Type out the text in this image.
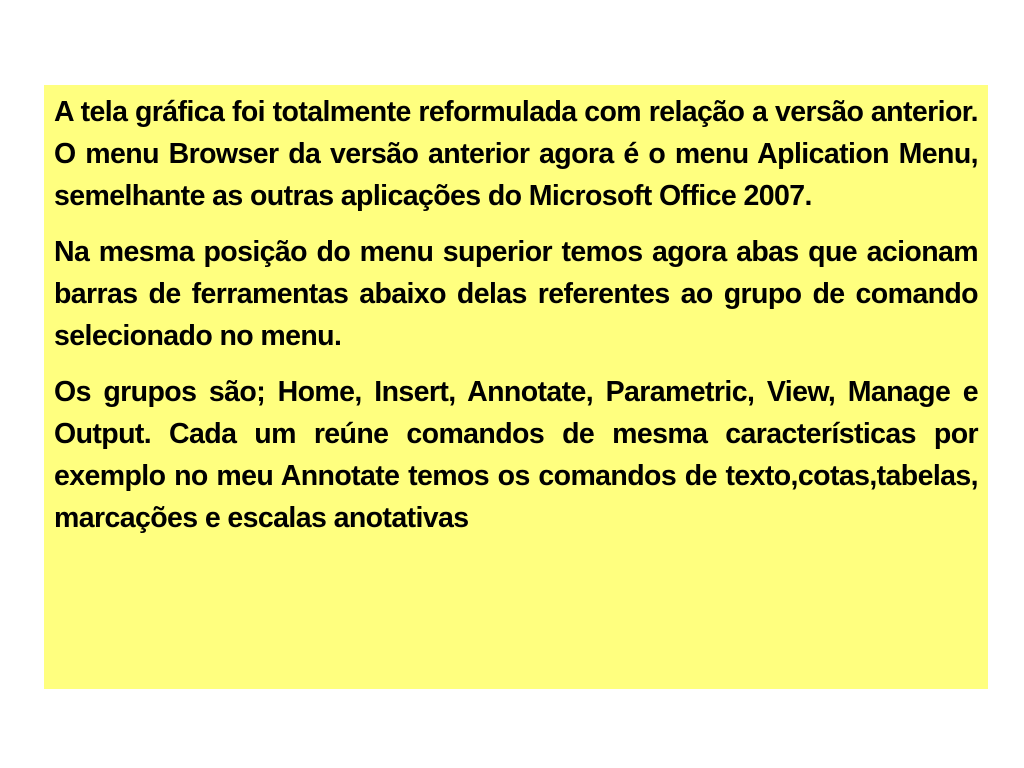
A tela gráfica foi totalmente reformulada com relação a versão anterior. O menu Browser da versão anterior agora é o menu Aplication Menu, semelhante as outras aplicações do Microsoft Office 2007.

Na mesma posição do menu superior temos agora abas que acionam barras de ferramentas abaixo delas referentes ao grupo de comando selecionado no menu.

Os grupos são; Home, Insert, Annotate, Parametric, View, Manage e Output. Cada um reúne comandos de mesma características por exemplo no meu Annotate temos os comandos de texto,cotas,tabelas, marcações e escalas anotativas
